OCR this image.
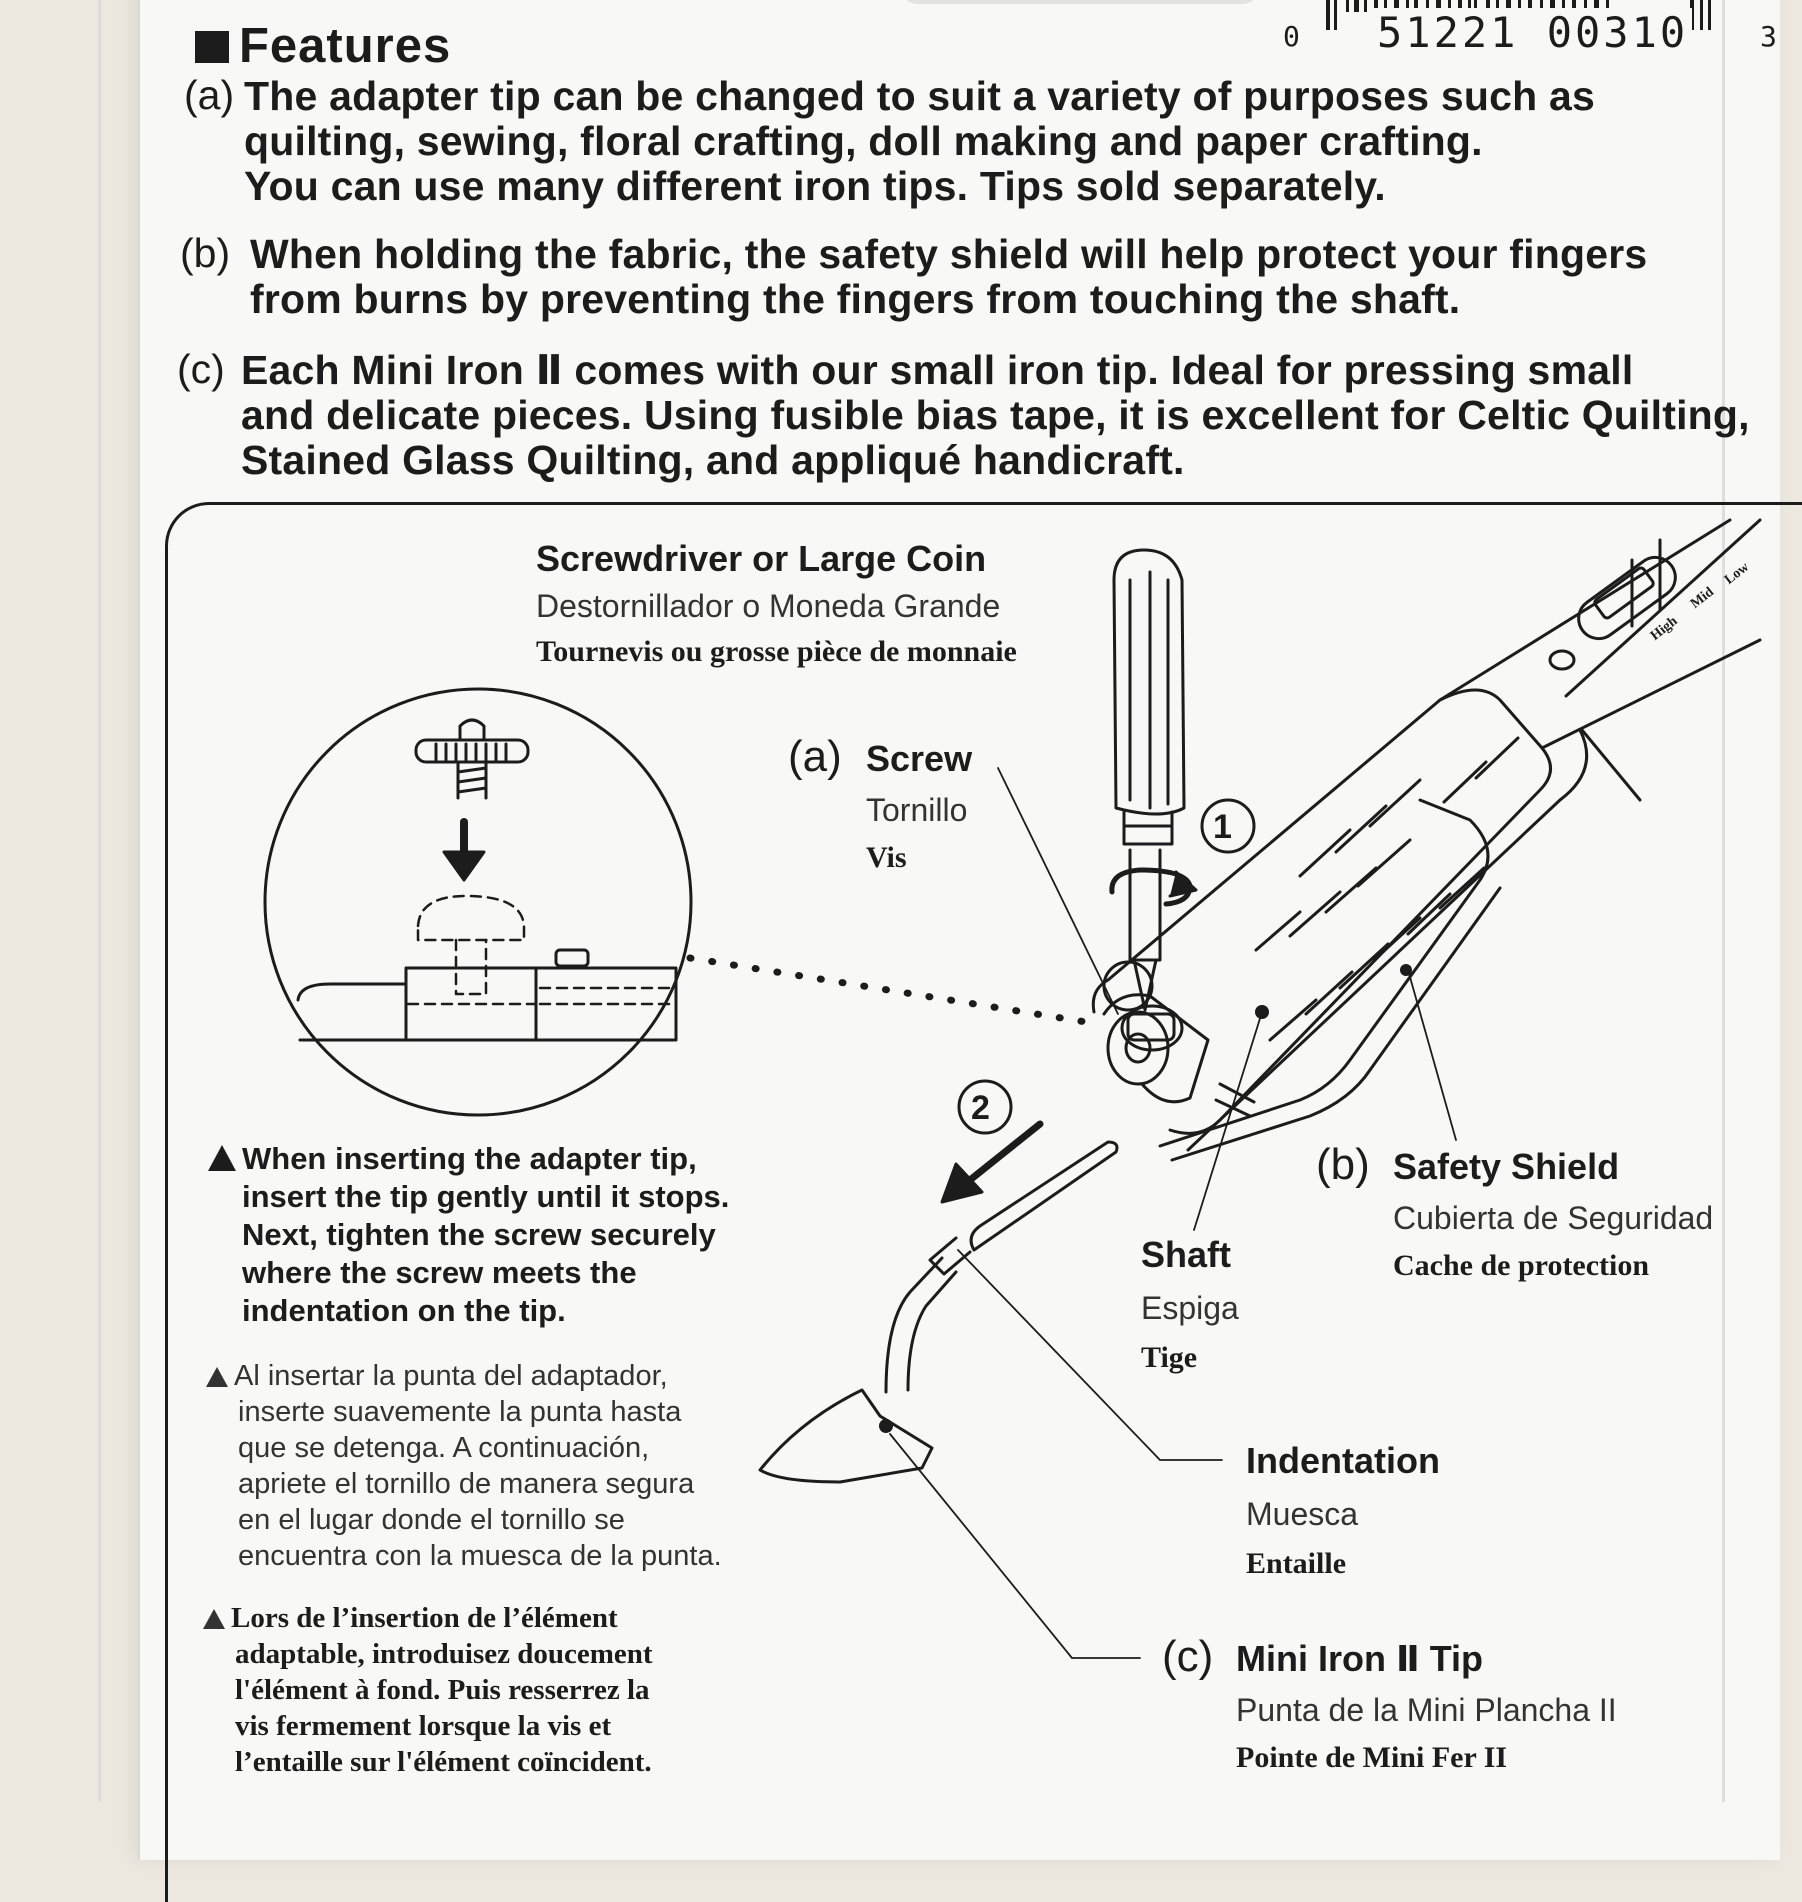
0 51221 00310	3
Features
(a) The adapter tip can be changed to suit a variety of purposes such as
quilting, sewing, floral crafting, doll making and paper crafting.
You can use many different iron tips. Tips sold separately.
(b) When holding the fabric, the safety shield will help protect your fingers
from burns by preventing the fingers from touching the shaft.
(c) Each Mini Iron Ⅱ comes with our small iron tip. Ideal for pressing small
and delicate pieces. Using fusible bias tape, it is excellent for Celtic Quilting,
Stained Glass Quilting, and appliqué handicraft.
Screwdriver or Large Coin
Destornillador o Moneda Grande
Tournevis ou grosse pièce de monnaie
(a) Screw
Tornillo
Vis
1
2
High
Mid
Low
(b) Safety Shield
Cubierta de Seguridad
Cache de protection
Shaft
Espiga
Tige
Indentation
Muesca
Entaille
(c) Mini Iron Ⅱ Tip
Punta de la Mini Plancha II
Pointe de Mini Fer II
When inserting the adapter tip,
insert the tip gently until it stops.
Next, tighten the screw securely
where the screw meets the
indentation on the tip.
Al insertar la punta del adaptador,
inserte suavemente la punta hasta
que se detenga. A continuación,
apriete el tornillo de manera segura
en el lugar donde el tornillo se
encuentra con la muesca de la punta.
Lors de l’insertion de l’élément
adaptable, introduisez doucement
l'élément à fond. Puis resserrez la
vis fermement lorsque la vis et
l’entaille sur l'élément coïncident.
